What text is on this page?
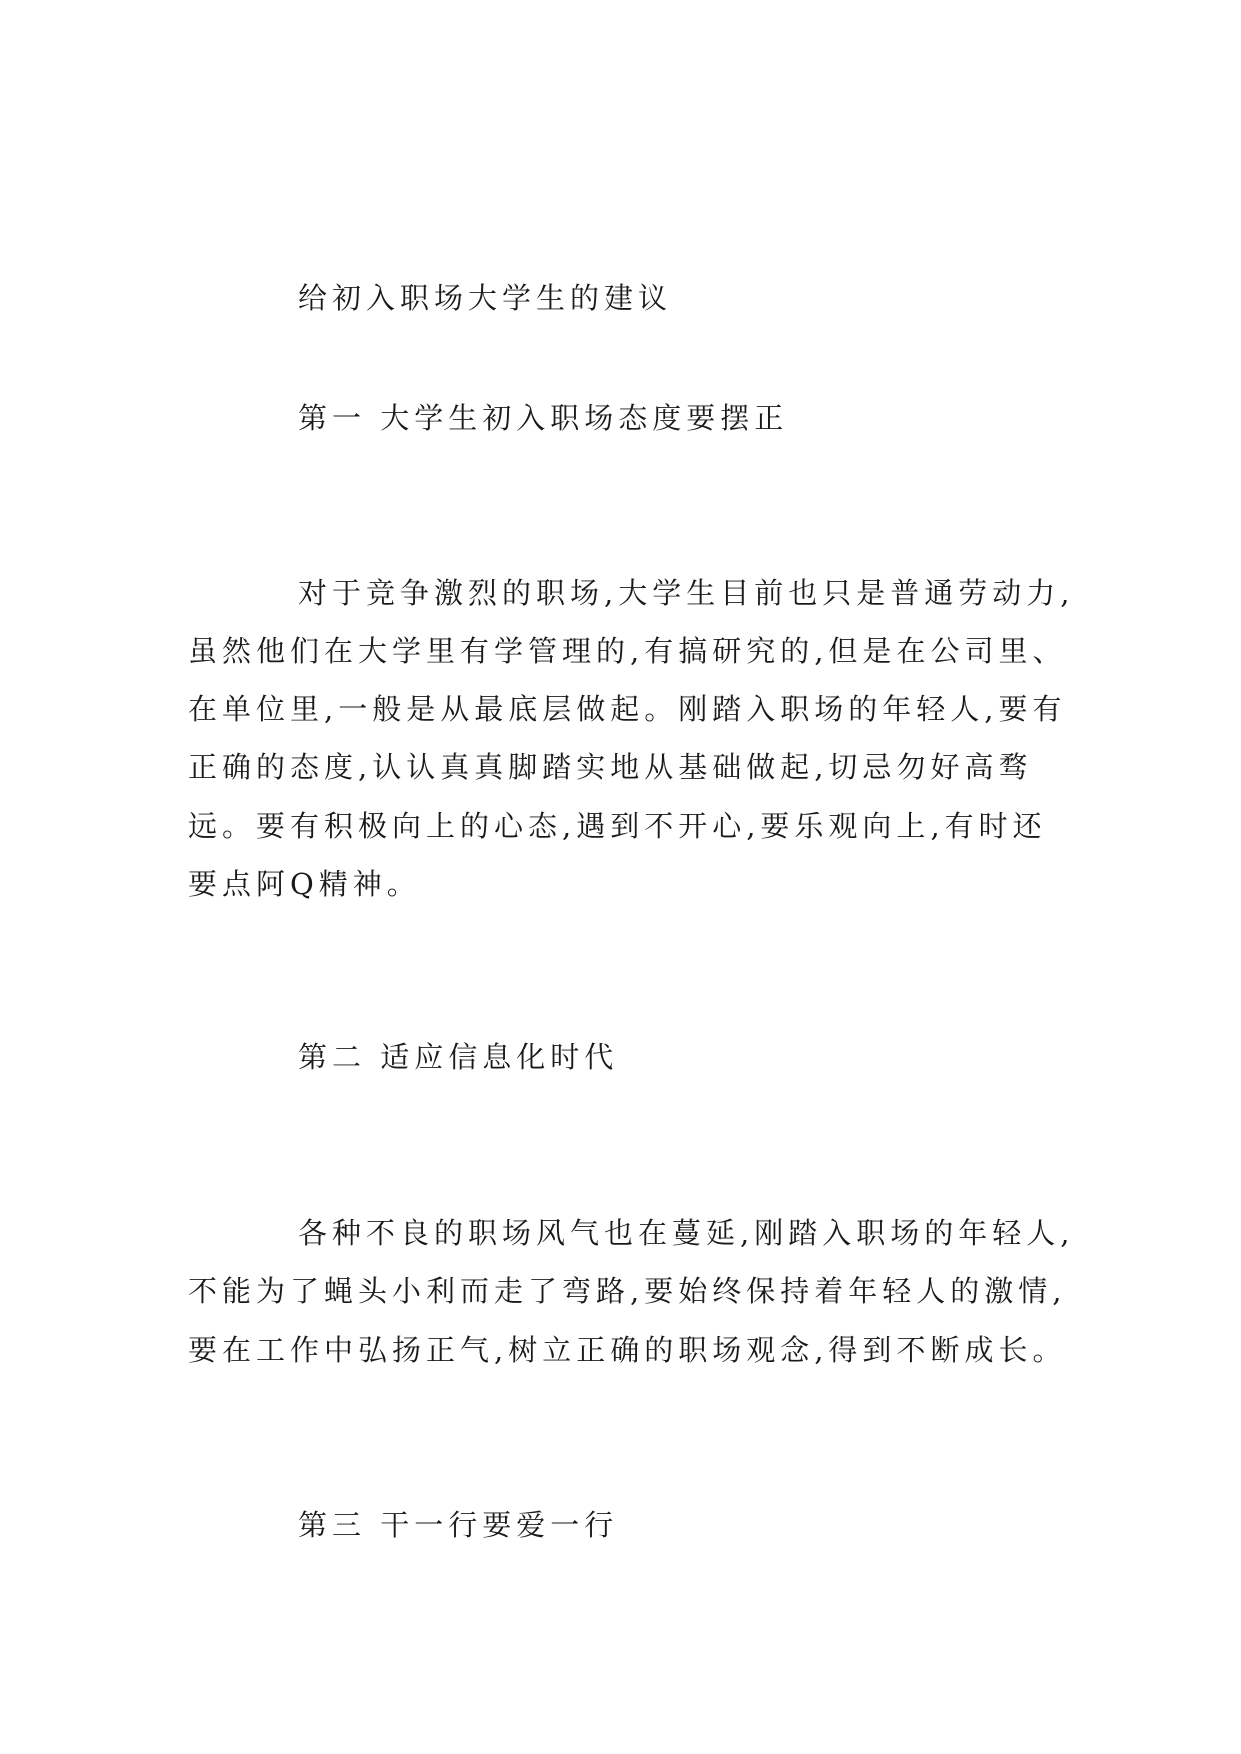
给初入职场大学生的建议
第一 大学生初入职场态度要摆正
对于竞争激烈的职场,大学生目前也只是普通劳动力,
虽然他们在大学里有学管理的,有搞研究的,但是在公司里、
在单位里,一般是从最底层做起。刚踏入职场的年轻人,要有
正确的态度,认认真真脚踏实地从基础做起,切忌勿好高骛
远。要有积极向上的心态,遇到不开心,要乐观向上,有时还
要点阿Q精神。
第二 适应信息化时代
各种不良的职场风气也在蔓延,刚踏入职场的年轻人,
不能为了蝇头小利而走了弯路,要始终保持着年轻人的激情,
要在工作中弘扬正气,树立正确的职场观念,得到不断成长。
第三 干一行要爱一行
